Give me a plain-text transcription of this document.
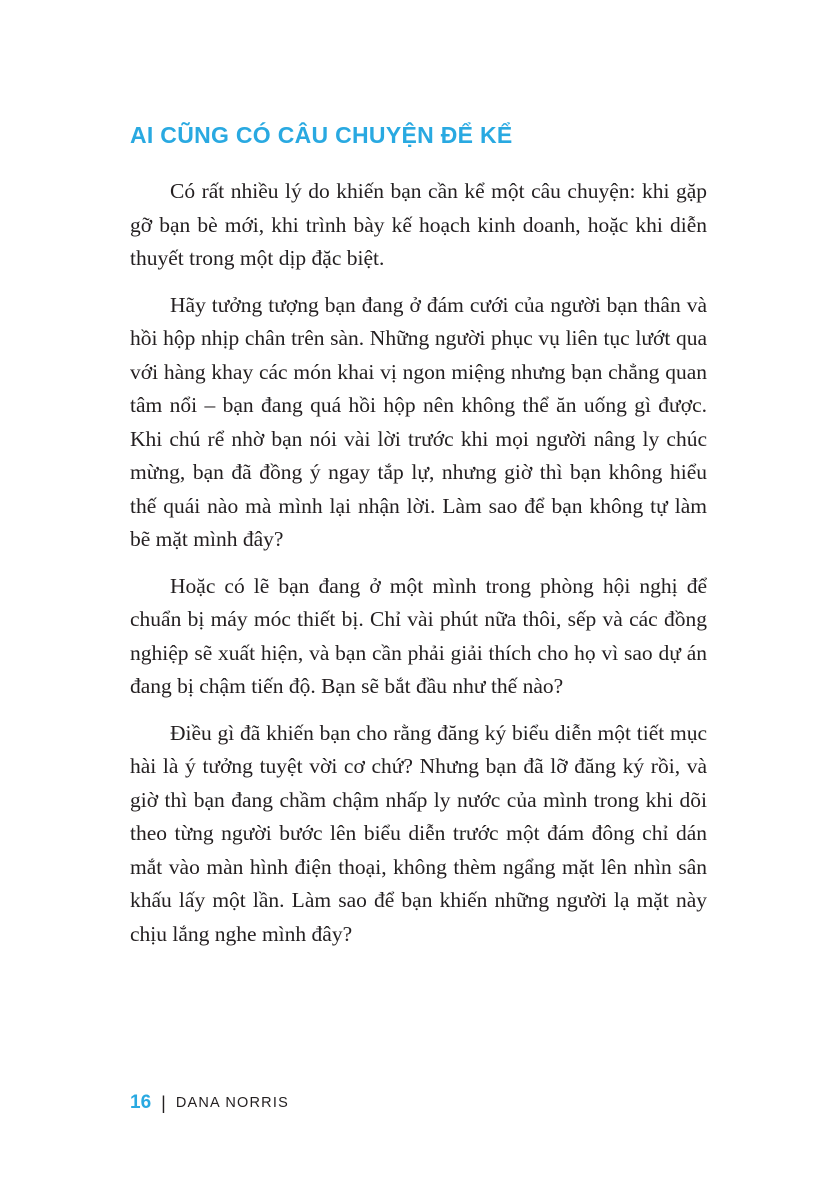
AI CŨNG CÓ CÂU CHUYỆN ĐỂ KỂ

Có rất nhiều lý do khiến bạn cần kể một câu chuyện: khi gặp gỡ bạn bè mới, khi trình bày kế hoạch kinh doanh, hoặc khi diễn thuyết trong một dịp đặc biệt.

Hãy tưởng tượng bạn đang ở đám cưới của người bạn thân và hồi hộp nhịp chân trên sàn. Những người phục vụ liên tục lướt qua với hàng khay các món khai vị ngon miệng nhưng bạn chẳng quan tâm nổi – bạn đang quá hồi hộp nên không thể ăn uống gì được. Khi chú rể nhờ bạn nói vài lời trước khi mọi người nâng ly chúc mừng, bạn đã đồng ý ngay tắp lự, nhưng giờ thì bạn không hiểu thế quái nào mà mình lại nhận lời. Làm sao để bạn không tự làm bẽ mặt mình đây?

Hoặc có lẽ bạn đang ở một mình trong phòng hội nghị để chuẩn bị máy móc thiết bị. Chỉ vài phút nữa thôi, sếp và các đồng nghiệp sẽ xuất hiện, và bạn cần phải giải thích cho họ vì sao dự án đang bị chậm tiến độ. Bạn sẽ bắt đầu như thế nào?

Điều gì đã khiến bạn cho rằng đăng ký biểu diễn một tiết mục hài là ý tưởng tuyệt vời cơ chứ? Nhưng bạn đã lỡ đăng ký rồi, và giờ thì bạn đang chầm chậm nhấp ly nước của mình trong khi dõi theo từng người bước lên biểu diễn trước một đám đông chỉ dán mắt vào màn hình điện thoại, không thèm ngẩng mặt lên nhìn sân khấu lấy một lần. Làm sao để bạn khiến những người lạ mặt này chịu lắng nghe mình đây?

16 | DANA NORRIS
